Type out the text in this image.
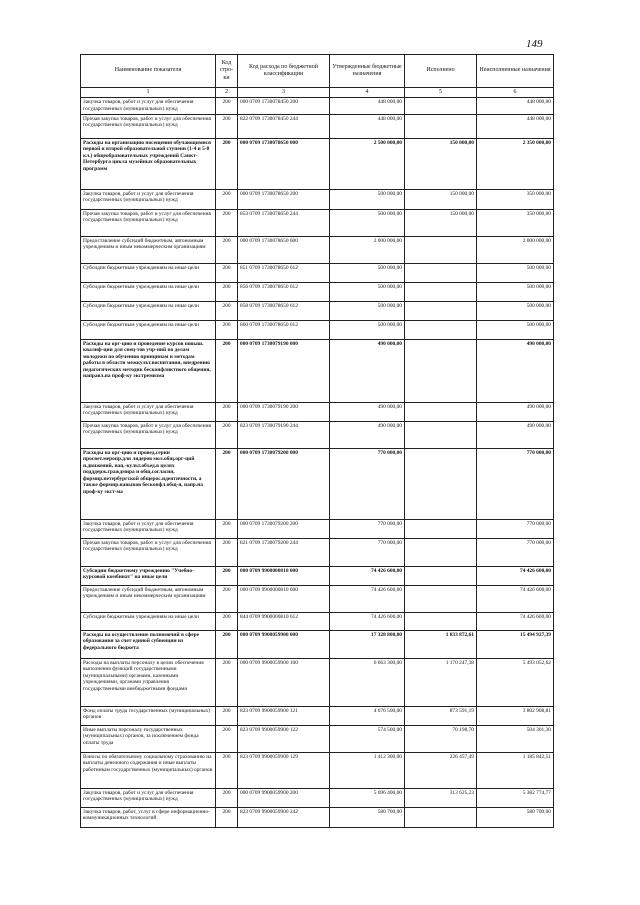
149
Наименование показателя	Код стро-ки	Код расхода по бюджетной классификации	Утвержденные бюджетные назначения	Исполнено	Неисполненные назначения
1	2	3	4	5	6
Закупка товаров, работ и услуг для обеспечения государственных (муниципальных) нужд	200	000 0709 1730078450 200	448 000,00		448 000,00
Прочая закупка товаров, работ и услуг для обеспечения государственных (муниципальных) нужд	200	822 0709 1730078450 244	448 000,00		448 000,00
Расходы на организацию посещения обучающимися первой и второй образовательной ступени (1-4 и 5-8 кл.) общеобразовательных учреждений Санкт-Петербурга цикла музейных образовательных программ	200	000 0709 1730078650 000	2 500 000,00	150 000,00	2 350 000,00
Закупка товаров, работ и услуг для обеспечения государственных (муниципальных) нужд	200	000 0709 1730078650 200	500 000,00	150 000,00	350 000,00
Прочая закупка товаров, работ и услуг для обеспечения государственных (муниципальных) нужд	200	853 0709 1730078650 244	500 000,00	150 000,00	350 000,00
Предоставление субсидий бюджетным, автономным учреждениям и иным некоммерческим организациям	200	000 0709 1730078650 600	2 000 000,00		2 000 000,00
Субсидии бюджетным учреждениям на иные цели	200	851 0709 1730078650 612	500 000,00		500 000,00
Субсидии бюджетным учреждениям на иные цели	200	856 0709 1730078650 612	500 000,00		500 000,00
Субсидии бюджетным учреждениям на иные цели	200	858 0709 1730078650 612	500 000,00		500 000,00
Субсидии бюджетным учреждениям на иные цели	200	860 0709 1730078650 612	500 000,00		500 000,00
Расходы на орг-цию и проведение курсов повыш. квалиф-ции для спец-тов учр-ний по делам молодежи по обучению принципам и методам работы в области межкульт.воспитания, внедрению педагогических методик бесконфликтного общения, направл.на проф-ку экстремизма	200	000 0709 1730079190 000	490 000,00		490 000,00
Закупка товаров, работ и услуг для обеспечения государственных (муниципальных) нужд	200	000 0709 1730079190 200	490 000,00		490 000,00
Прочая закупка товаров, работ и услуг для обеспечения государственных (муниципальных) нужд	200	823 0709 1730079190 244	490 000,00		490 000,00
Расходы на орг-цию и провед.серии просвет.меропр.для лидеров мол.общ.орг-ций и.движений, нац.-культ.объед.в целях подддерж.граждмира и общ.согласия, формир.петербургской общерос.идентичности, а также формир.навыков бесконфл.общ-я, напр.на проф-ку экст-ма	200	000 0709 1730079200 000	770 000,00		770 000,00
Закупка товаров, работ и услуг для обеспечения государственных (муниципальных) нужд	200	000 0709 1730079200 200	770 000,00		770 000,00
Прочая закупка товаров, работ и услуг для обеспечения государственных (муниципальных) нужд	200	821 0709 1730079200 244	770 000,00		770 000,00
Субсидии бюджетному учреждению "Учебно-курсовой комбинат" на иные цели	200	000 0709 9900000810 000	74 426 600,00		74 426 600,00
Предоставление субсидий бюджетным, автономным учреждениям и иным некоммерческим организациям	200	000 0709 9900000810 600	74 426 600,00		74 426 600,00
Субсидии бюджетным учреждениям на иные цели	200	844 0709 9900000810 612	74 426 600,00		74 426 600,00
Расходы на осуществление полномочий в сфере образования за счет единой субвенции из федерального бюджета	200	000 0709 9900059900 000	17 328 800,00	1 833 872,61	15 494 927,39
Расходы на выплаты персоналу в целях обеспечения выполнения функций государственными (муниципальными) органами, казенными учреждениями, органами управления государственными внебюджетными фондами	200	000 0709 9900059900 100	6 663 300,00	1 170 247,38	5 493 052,62
Фонд оплаты труда государственных (муниципальных) органов	200	823 0709 9900059900 121	4 676 500,00	873 591,19	3 802 908,81
Иные выплаты персоналу государственных (муниципальных) органов, за исключением фонда оплаты труда	200	823 0709 9900059900 122	574 500,00	70 198,70	504 301,30
Взносы по обязательному социальному страхованию на выплаты денежного содержания и иные выплаты работникам государственных (муниципальных) органов	200	823 0709 9900059900 129	1 412 300,00	226 457,49	1 185 842,51
Закупка товаров, работ и услуг для обеспечения государственных (муниципальных) нужд	200	000 0709 9900059900 200	5 696 400,00	313 625,23	5 382 774,77
Закупка товаров, работ, услуг в сфере информационно-коммуникационных технологий	200	823 0709 9900059900 242	580 700,00		580 700,00
